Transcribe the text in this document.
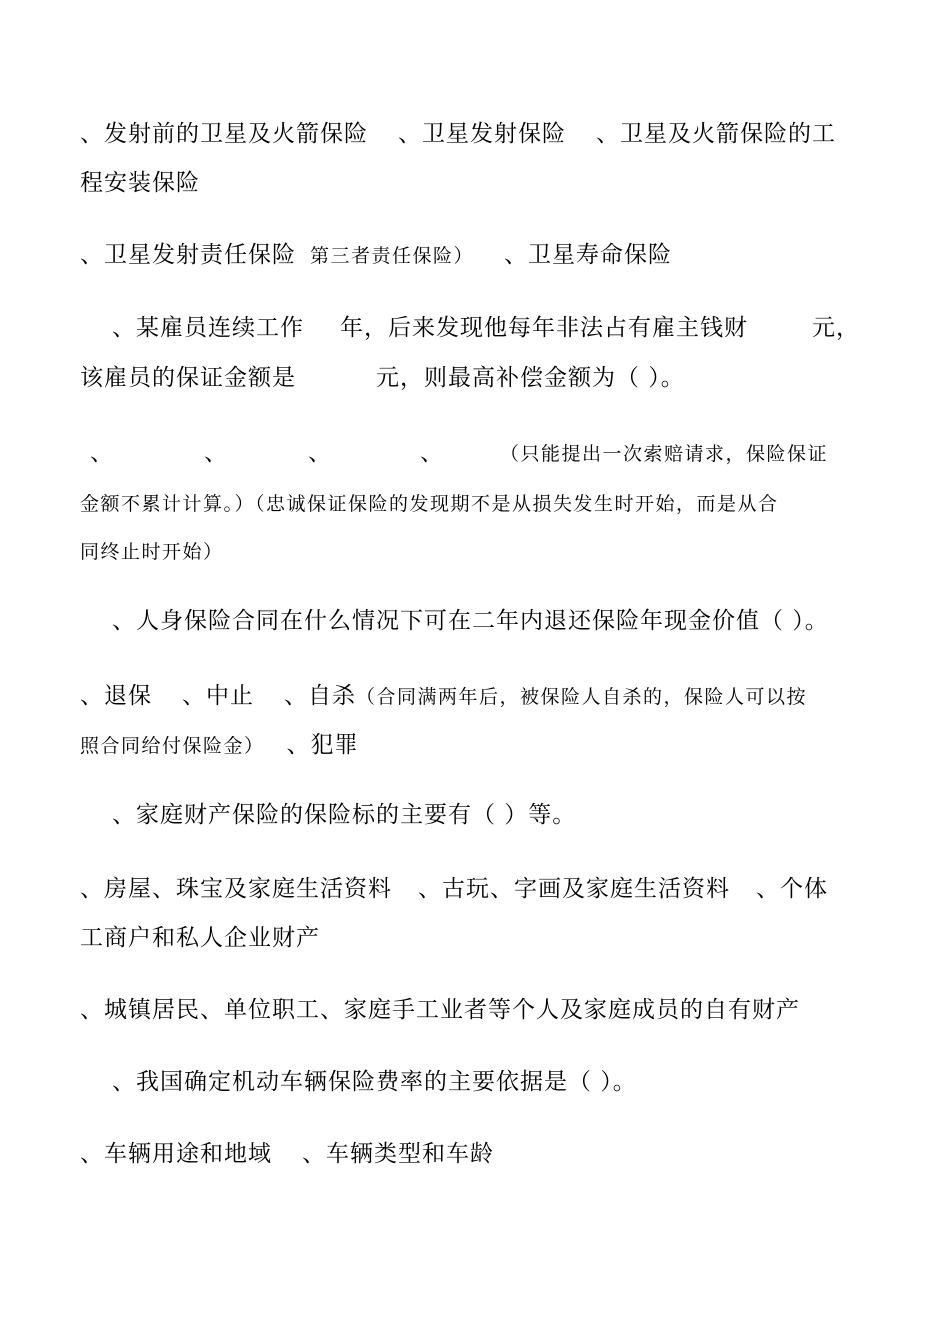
、发射前的卫星及火箭保险 、卫星发射保险 、卫星及火箭保险的工
程安装保险
、卫星发射责任保险 第三者责任保险） 、卫星寿命保险
、某雇员连续工作 年，后来发现他每年非法占有雇主钱财	元，
该雇员的保证金额是	元，则最高补偿金额为（ ）。
、	、	、	、	（只能提出一次索赔请求，保险保证
金额不累计计算。）（忠诚保证保险的发现期不是从损失发生时开始，而是从合
同终止时开始）
、人身保险合同在什么情况下可在二年内退还保险年现金价值（ ）。
、退保 、中止 、自杀（合同满两年后，被保险人自杀的，保险人可以按
照合同给付保险金） 、犯罪
、家庭财产保险的保险标的主要有（ ）等。
、房屋、珠宝及家庭生活资料 、古玩、字画及家庭生活资料 、个体
工商户和私人企业财产
、城镇居民、单位职工、家庭手工业者等个人及家庭成员的自有财产
、我国确定机动车辆保险费率的主要依据是（ ）。
、车辆用途和地域 、车辆类型和车龄
